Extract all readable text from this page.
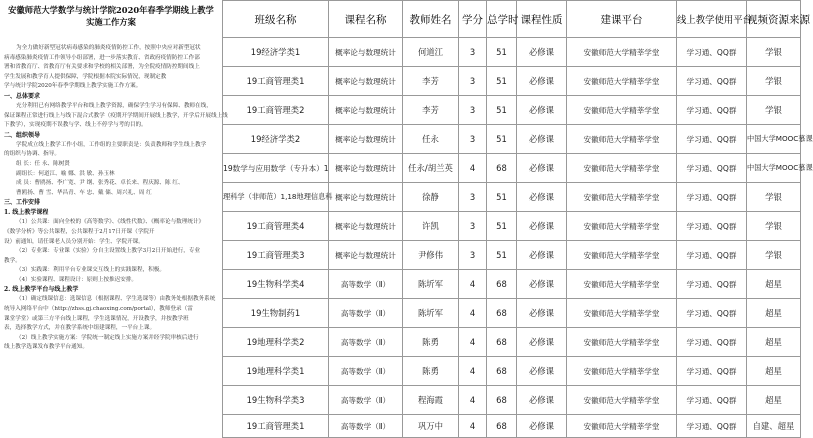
安徽师范大学数学与统计学院2020年春季学期线上教学
实施工作方案

为全力做好新型冠状病毒感染的肺炎疫情防控工作，按照中央应对新型冠状

病毒感染肺炎疫情工作领导小组部署，进一步落实教育、省政府疫情防控工作部

署和省教育厅、省教育厅有关要求和学校的相关部署，为全院疫情防控期间线上

学生发展和教学育人提供保障，学院根据本院实际情况，现制定教

学与统计学院2020年春季学期线上教学实施工作方案。

一、总体要求

充分利用已有网络教学平台和线上教学资源，确保学生学习有保障、教师在线，

保证课程正常进行线上与线下混合式教学（疫期开学期间开展线上教学，开学后开展线上线

下教学），实现疫期不误教与学、线上不停学与考的目的。

二、组织领导

学院成立线上教学工作小组，工作组的主要职责是：负责教师和学生线上教学

的组织与协调、指导。

组 长：任 永、陈树贤

副组长：何道江、喻 娜、洪 敏、孙玉林

成 员：曹鸥扬、李广宽、尹 纲、张秀花、卓长来、程庆源、陈 红、

曹鸥扬、曹 雪、华昌青、车 忠、戴 储、周兴礼、周 红

三、工作安排

1. 线上教学课程

（1）公共课：面向全校的《高等数学》、《线性代数》、《概率论与数理统计》

《数学分析》等公共课程，公共课程于2月17日开课（学院开

设）前通知，请任课老人员分别开始：学生、学院开课。

（2）专业课：专业课（实验）分自主设置线上教学3月2日开始进行，专业

教学。

（3）实践课：利用平台专业课交互线上的实践课程，积极。

（4）实验课程、课程设计：原则上按推迟安排。

2. 线上教学平台与线上教学

（1）确定线课信息：选课信息（根据课程、学生选课等）由教务处根据教务系统

统导入网络平台中（http://zhss.gj.chaoxing.com/portal），教师登录（雷

课堂学堂）或第三方平台线上课程，学生选课情况，开设教学，并按教学班

表，选择教学方式，并在教学系统中组建课程，一平台上课。

（2）线上教学实施方案：学院统一制定线上实施方案并经学院审核后进行

线上教学选课发布教学平台通知。

班级名称	课程名称	教师姓名	学分	总学时	课程性质	建课平台	线上教学使用平台	视频资源来源
19经济学类1	概率论与数理统计	何道江	3	51	必修课	安徽师范大学精莘学堂	学习通、QQ群	学银
19工商管理类1	概率论与数理统计	李芳	3	51	必修课	安徽师范大学精莘学堂	学习通、QQ群	学银
19工商管理类2	概率论与数理统计	李芳	3	51	必修课	安徽师范大学精莘学堂	学习通、QQ群	学银
19经济学类2	概率论与数理统计	任永	3	51	必修课	安徽师范大学精莘学堂	学习通、QQ群	中国大学MOOC慕课
19数学与应用数学（专升本）1	概率论与数理统计	任永/胡兰英	4	68	必修课	安徽师范大学精莘学堂	学习通、QQ群	中国大学MOOC慕课
理科学（非师范）1,18地理信息科	概率论与数理统计	徐静	3	51	必修课	安徽师范大学精莘学堂	学习通、QQ群	学银
19工商管理类4	概率论与数理统计	许凯	3	51	必修课	安徽师范大学精莘学堂	学习通、QQ群	学银
19工商管理类3	概率论与数理统计	尹修伟	3	51	必修课	安徽师范大学精莘学堂	学习通、QQ群	学银
19生物科学类4	高等数学（Ⅱ）	陈圻军	4	68	必修课	安徽师范大学精莘学堂	学习通、QQ群	超星
19生物制药1	高等数学（Ⅱ）	陈圻军	4	68	必修课	安徽师范大学精莘学堂	学习通、QQ群	超星
19地理科学类2	高等数学（Ⅱ）	陈勇	4	68	必修课	安徽师范大学精莘学堂	学习通、QQ群	超星
19地理科学类1	高等数学（Ⅱ）	陈勇	4	68	必修课	安徽师范大学精莘学堂	学习通、QQ群	超星
19生物科学类3	高等数学（Ⅱ）	程海霞	4	68	必修课	安徽师范大学精莘学堂	学习通、QQ群	超星
19工商管理类1	高等数学（Ⅱ）	巩万中	4	68	必修课	安徽师范大学精莘学堂	学习通、QQ群	自建、超星
